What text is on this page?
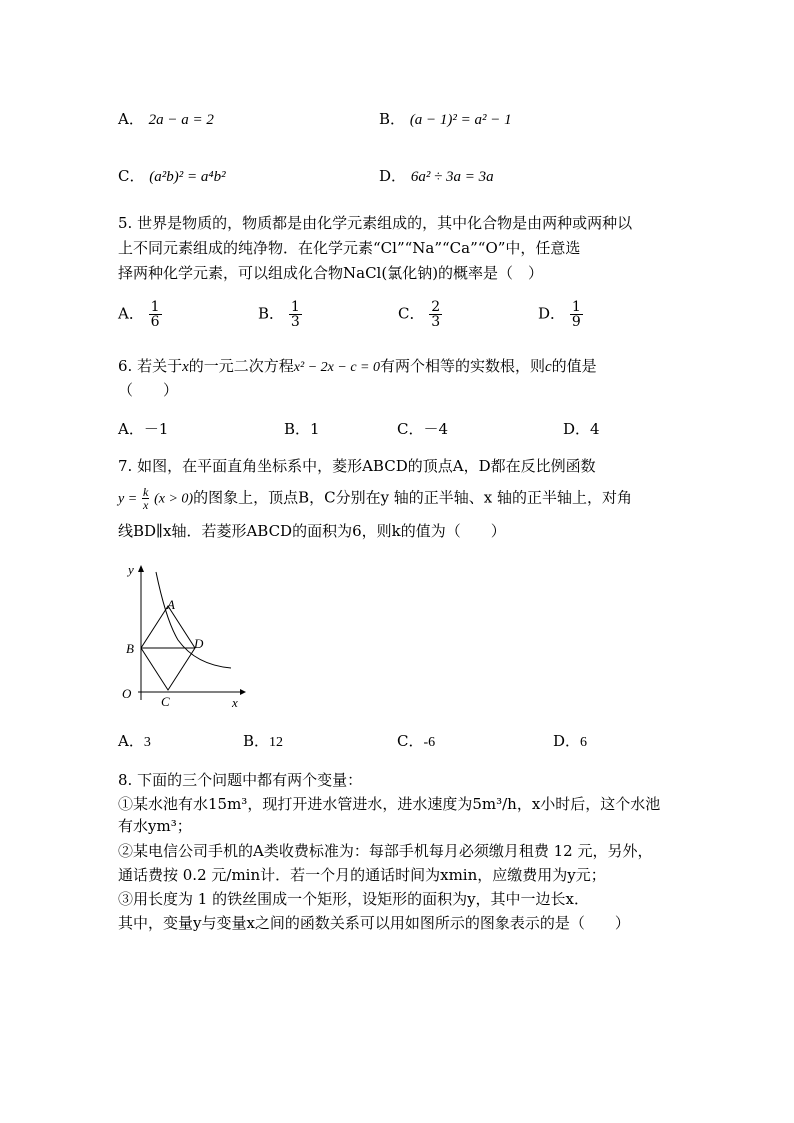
A． 2a − a = 2	B． (a − 1)² = a² − 1
C． (a²b)² = a⁴b²	D． 6a² ÷ 3a = 3a
5. 世界是物质的，物质都是由化学元素组成的，其中化合物是由两种或两种以
上不同元素组成的纯净物．在化学元素“Cl”“Na”“Ca”“O”中，任意选
择两种化学元素，可以组成化合物NaCl(氯化钠)的概率是（　）
A． $\frac{1}{6}$	B． $\frac{1}{3}$	C． $\frac{2}{3}$	D． $\frac{1}{9}$
6. 若关于x的一元二次方程x² − 2x − c = 0有两个相等的实数根，则c的值是
（　　）
A．－1	B．1	C．－4	D．4
7. 如图，在平面直角坐标系中，菱形ABCD的顶点A，D都在反比例函数
$y = \frac{k}{x} (x > 0)$的图象上，顶点B，C分别在y 轴的正半轴、x 轴的正半轴上，对角
线BD∥x轴．若菱形ABCD的面积为6，则k的值为（　　）
y
x
O
A
B
C
D
A．3	B．12	C．-6	D．6
8. 下面的三个问题中都有两个变量：
①某水池有水15m³，现打开进水管进水，进水速度为5m³/h，x小时后，这个水池
有水ym³；
②某电信公司手机的A类收费标准为：每部手机每月必须缴月租费 12 元，另外，
通话费按 0.2 元/min计．若一个月的通话时间为xmin，应缴费用为y元；
③用长度为 1 的铁丝围成一个矩形，设矩形的面积为y，其中一边长x．
其中，变量y与变量x之间的函数关系可以用如图所示的图象表示的是（　　）
